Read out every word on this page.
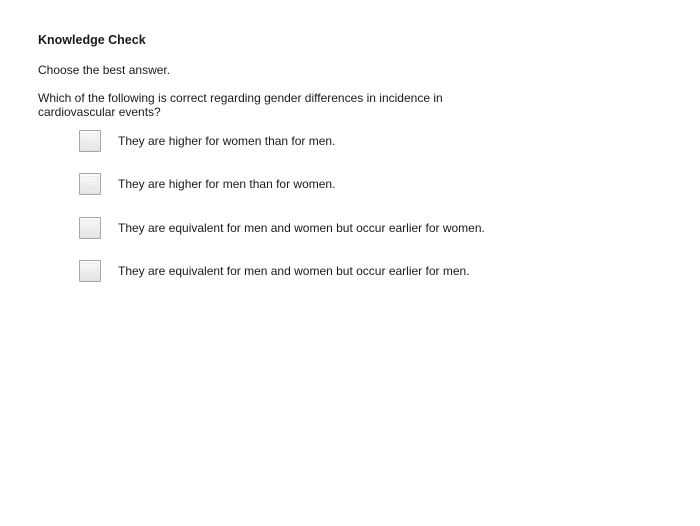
Knowledge Check

Choose the best answer.

Which of the following is correct regarding gender differences in incidence in cardiovascular events?

They are higher for women than for men.
They are higher for men than for women.
They are equivalent for men and women but occur earlier for women.
They are equivalent for men and women but occur earlier for men.
